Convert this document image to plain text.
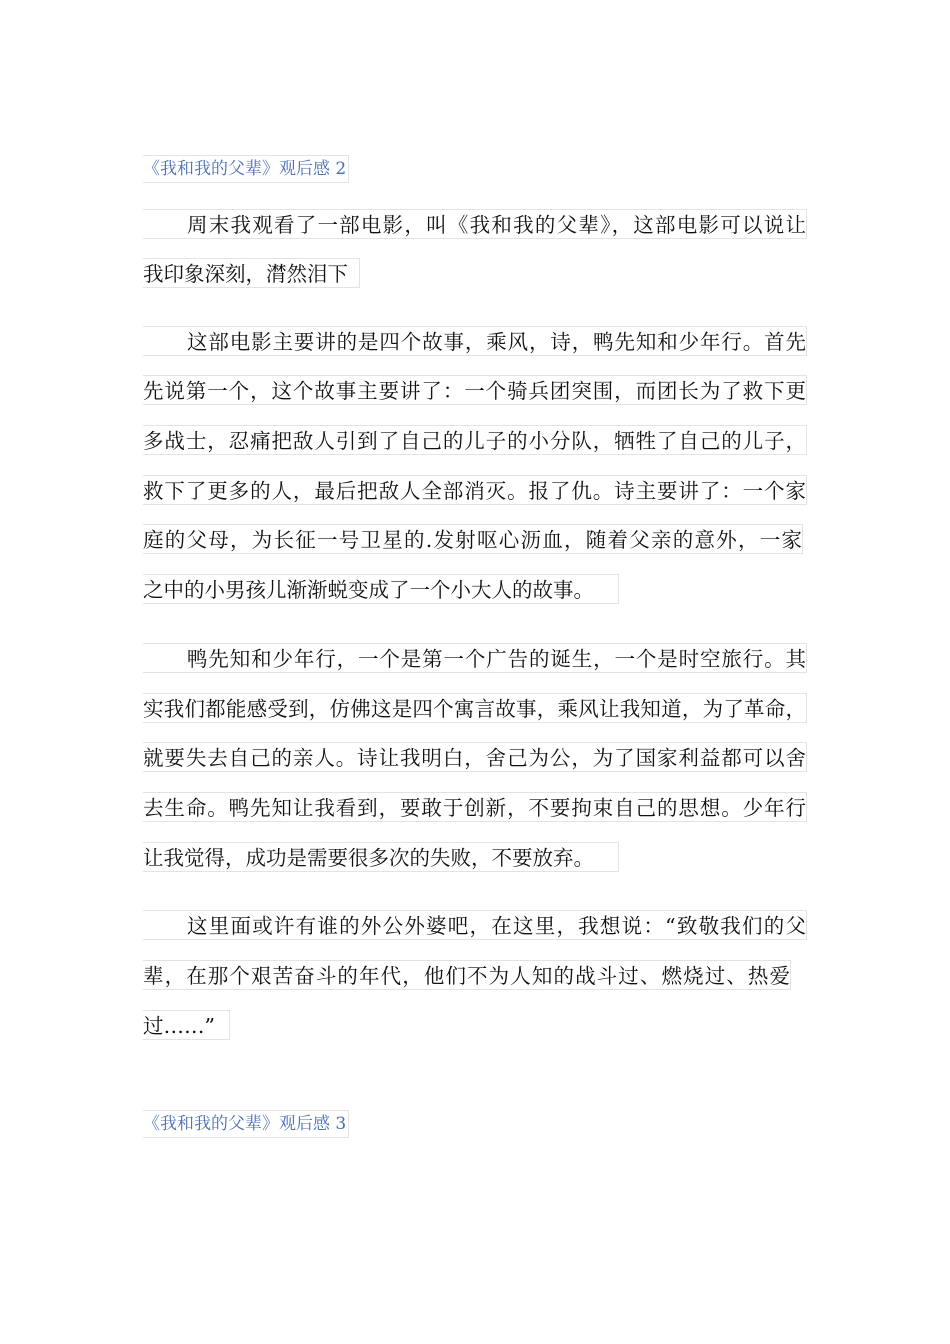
《我和我的父辈》观后感 2
周末我观看了一部电影，叫《我和我的父辈》，这部电影可以说让
我印象深刻，潸然泪下
这部电影主要讲的是四个故事，乘风，诗，鸭先知和少年行。首先
先说第一个，这个故事主要讲了：一个骑兵团突围，而团长为了救下更
多战士，忍痛把敌人引到了自己的儿子的小分队，牺牲了自己的儿子，
救下了更多的人，最后把敌人全部消灭。报了仇。诗主要讲了：一个家
庭的父母，为长征一号卫星的.发射呕心沥血，随着父亲的意外，一家
之中的小男孩儿渐渐蜕变成了一个小大人的故事。
鸭先知和少年行，一个是第一个广告的诞生，一个是时空旅行。其
实我们都能感受到，仿佛这是四个寓言故事，乘风让我知道，为了革命，
就要失去自己的亲人。诗让我明白，舍己为公，为了国家利益都可以舍
去生命。鸭先知让我看到，要敢于创新，不要拘束自己的思想。少年行
让我觉得，成功是需要很多次的失败，不要放弃。
这里面或许有谁的外公外婆吧，在这里，我想说：“致敬我们的父
辈，在那个艰苦奋斗的年代，他们不为人知的战斗过、燃烧过、热爱
过……”
《我和我的父辈》观后感 3
